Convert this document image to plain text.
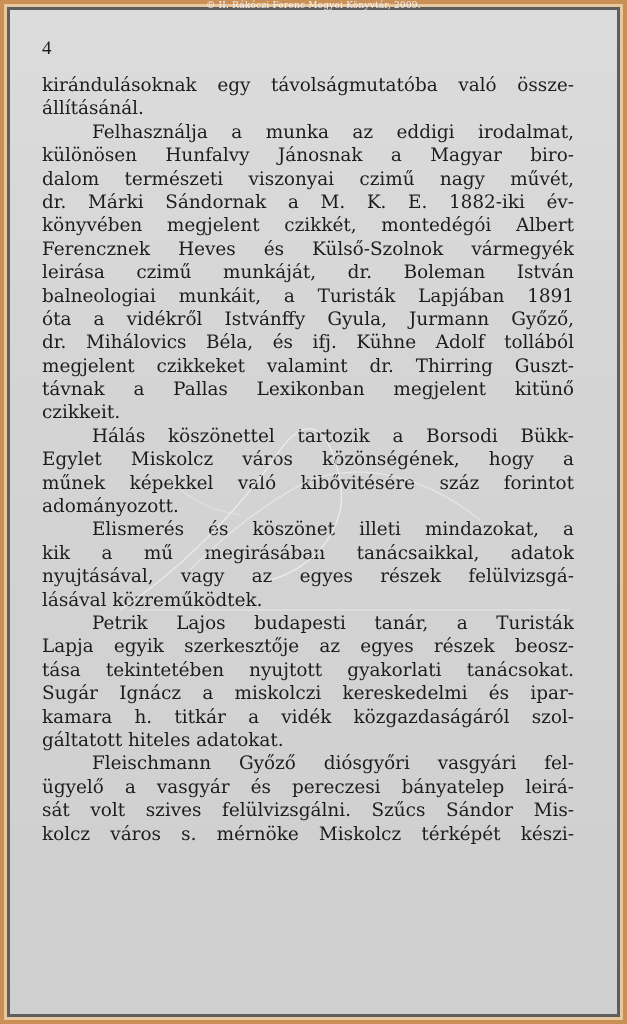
© II. Rákóczi Ferenc Megyei Könyvtár, 2009.
4
kirándulásoknak egy távolságmutatóba való össze-
állításánál.
Felhasználja a munka az eddigi irodalmat,
különösen Hunfalvy Jánosnak a Magyar biro-
dalom természeti viszonyai czimű nagy művét,
dr. Márki Sándornak a M. K. E. 1882-iki év-
könyvében megjelent czikkét, montedégói Albert
Ferencznek Heves és Külső-Szolnok vármegyék
leirása czimű munkáját, dr. Boleman István
balneologiai munkáit, a Turisták Lapjában 1891
óta a vidékről Istvánffy Gyula, Jurmann Győző,
dr. Mihálovics Béla, és ifj. Kühne Adolf tollából
megjelent czikkeket valamint dr. Thirring Guszt-
távnak a Pallas Lexikonban megjelent kitünő
czikkeit.
Hálás köszönettel tartozik a Borsodi Bükk-
Egylet Miskolcz város közönségének, hogy a
műnek képekkel való kibővitésére száz forintot
adományozott.
Elismerés és köszönet illeti mindazokat, a
kik a mű megirásában tanácsaikkal, adatok
nyujtásával, vagy az egyes részek felülvizsgá-
lásával közreműködtek.
Petrik Lajos budapesti tanár, a Turisták
Lapja egyik szerkesztője az egyes részek beosz-
tása tekintetében nyujtott gyakorlati tanácsokat.
Sugár Ignácz a miskolczi kereskedelmi és ipar-
kamara h. titkár a vidék közgazdaságáról szol-
gáltatott hiteles adatokat.
Fleischmann Győző diósgyőri vasgyári fel-
ügyelő a vasgyár és pereczesi bányatelep leirá-
sát volt szives felülvizsgálni. Szűcs Sándor Mis-
kolcz város s. mérnöke Miskolcz térképét készi-
